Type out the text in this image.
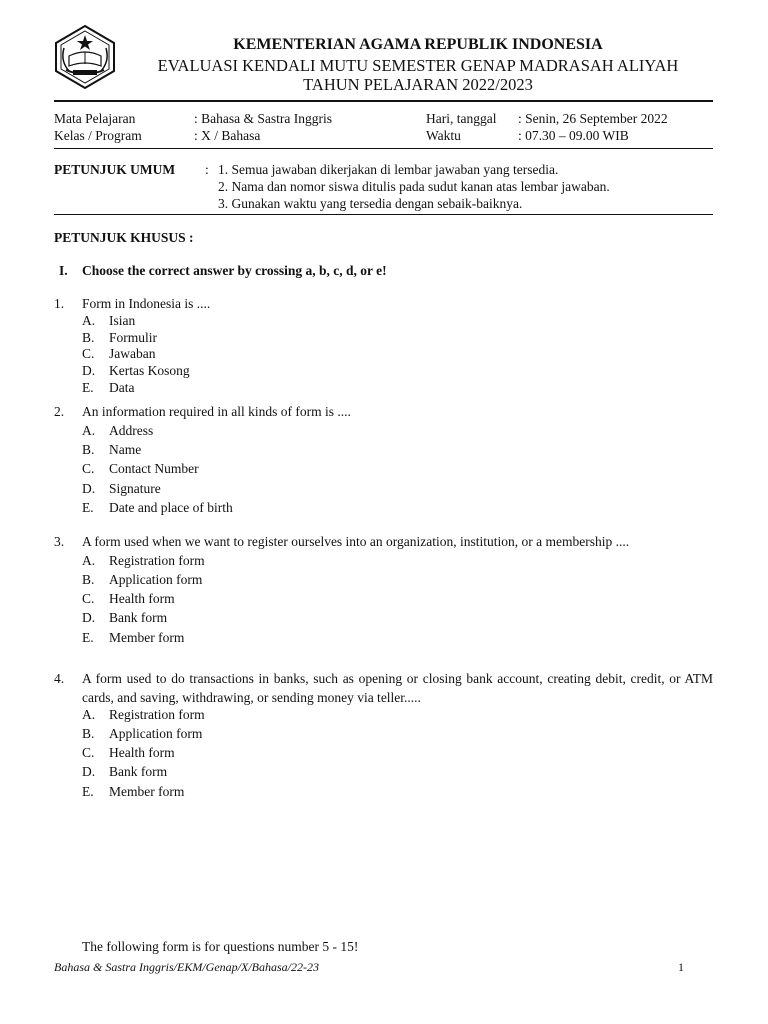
KEMENTERIAN AGAMA REPUBLIK INDONESIA
EVALUASI KENDALI MUTU SEMESTER GENAP MADRASAH ALIYAH
TAHUN PELAJARAN 2022/2023
Mata Pelajaran	: Bahasa & Sastra Inggris
Kelas / Program	: X / Bahasa
Hari, tanggal : Senin, 26 September 2022
Waktu	: 07.30 – 09.00 WIB
PETUNJUK UMUM : 1. Semua jawaban dikerjakan di lembar jawaban yang tersedia.
2. Nama dan nomor siswa ditulis pada sudut kanan atas lembar jawaban.
3. Gunakan waktu yang tersedia dengan sebaik-baiknya.
PETUNJUK KHUSUS :
I. Choose the correct answer by crossing a, b, c, d, or e!
1. Form in Indonesia is ....
A. Isian
B. Formulir
C. Jawaban
D. Kertas Kosong
E. Data
2. An information required in all kinds of form is ....
A. Address
B. Name
C. Contact Number
D. Signature
E. Date and place of birth
3. A form used when we want to register ourselves into an organization, institution, or a membership ....
A. Registration form
B. Application form
C. Health form
D. Bank form
E. Member form
4. A form used to do transactions in banks, such as opening or closing bank account, creating debit, credit, or ATM cards, and saving, withdrawing, or sending money via teller.....
A. Registration form
B. Application form
C. Health form
D. Bank form
E. Member form
The following form is for questions number 5 - 15!
Bahasa & Sastra Inggris/EKM/Genap/X/Bahasa/22-23	1
